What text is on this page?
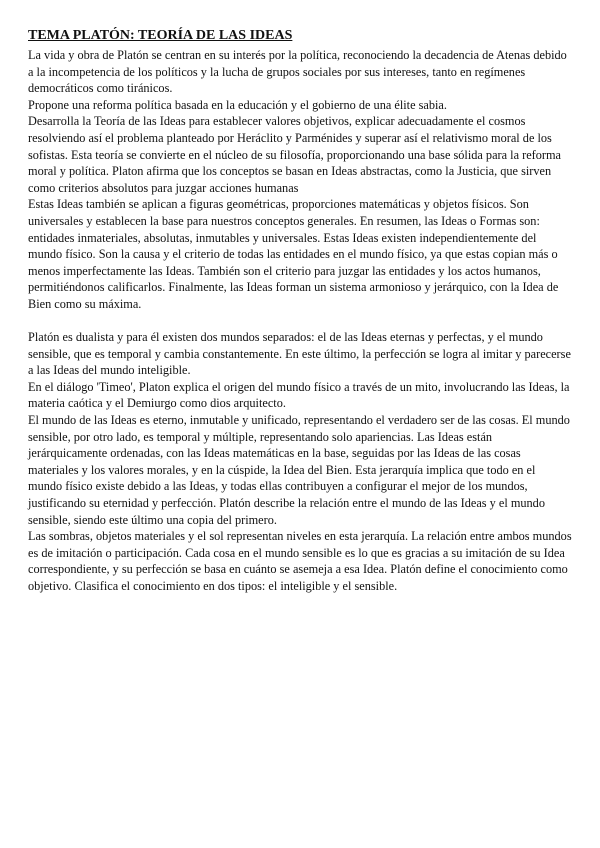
TEMA PLATÓN: TEORÍA DE LAS IDEAS

La vida y obra de Platón se centran en su interés por la política, reconociendo la decadencia de Atenas debido a la incompetencia de los políticos y la lucha de grupos sociales por sus intereses, tanto en regímenes democráticos como tiránicos.

Propone una reforma política basada en la educación y el gobierno de una élite sabia.

Desarrolla la Teoría de las Ideas para establecer valores objetivos, explicar adecuadamente el cosmos resolviendo así el problema planteado por Heráclito y Parménides y superar así el relativismo moral de los sofistas. Esta teoría se convierte en el núcleo de su filosofía, proporcionando una base sólida para la reforma moral y política. Platon afirma que los conceptos se basan en Ideas abstractas, como la Justicia, que sirven como criterios absolutos para juzgar acciones humanas

Estas Ideas también se aplican a figuras geométricas, proporciones matemáticas y objetos físicos. Son universales y establecen la base para nuestros conceptos generales. En resumen, las Ideas o Formas son: entidades inmateriales, absolutas, inmutables y universales. Estas Ideas existen independientemente del mundo físico. Son la causa y el criterio de todas las entidades en el mundo físico, ya que estas copian más o menos imperfectamente las Ideas. También son el criterio para juzgar las entidades y los actos humanos, permitiéndonos calificarlos. Finalmente, las Ideas forman un sistema armonioso y jerárquico, con la Idea de Bien como su máxima.

Platón es dualista y para él existen dos mundos separados: el de las Ideas eternas y perfectas, y el mundo sensible, que es temporal y cambia constantemente. En este último, la perfección se logra al imitar y parecerse a las Ideas del mundo inteligible.

En el diálogo 'Timeo', Platon explica el origen del mundo físico a través de un mito, involucrando las Ideas, la materia caótica y el Demiurgo como dios arquitecto.

El mundo de las Ideas es eterno, inmutable y unificado, representando el verdadero ser de las cosas. El mundo sensible, por otro lado, es temporal y múltiple, representando solo apariencias. Las Ideas están jerárquicamente ordenadas, con las Ideas matemáticas en la base, seguidas por las Ideas de las cosas materiales y los valores morales, y en la cúspide, la Idea del Bien. Esta jerarquía implica que todo en el mundo físico existe debido a las Ideas, y todas ellas contribuyen a configurar el mejor de los mundos, justificando su eternidad y perfección. Platón describe la relación entre el mundo de las Ideas y el mundo sensible, siendo este último una copia del primero.

Las sombras, objetos materiales y el sol representan niveles en esta jerarquía. La relación entre ambos mundos es de imitación o participación. Cada cosa en el mundo sensible es lo que es gracias a su imitación de su Idea correspondiente, y su perfección se basa en cuánto se asemeja a esa Idea. Platón define el conocimiento como objetivo. Clasifica el conocimiento en dos tipos: el inteligible y el sensible.
